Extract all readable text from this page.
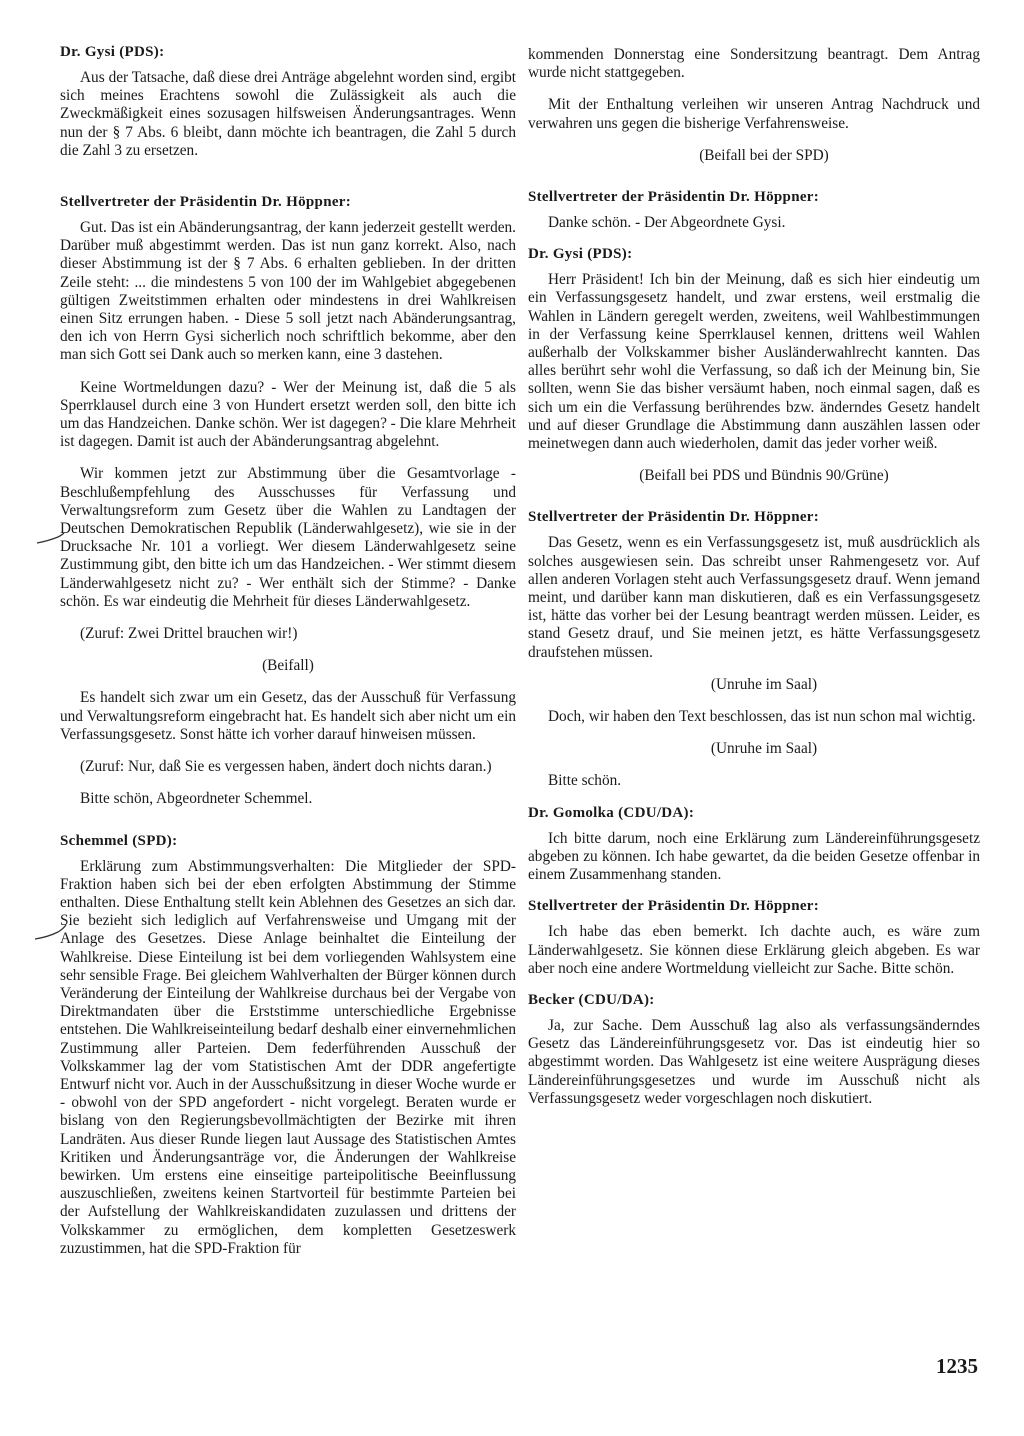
Dr. Gysi (PDS):

Aus der Tatsache, daß diese drei Anträge abgelehnt worden sind, ergibt sich meines Erachtens sowohl die Zulässigkeit als auch die Zweckmäßigkeit eines sozusagen hilfsweisen Änderungsantrages. Wenn nun der § 7 Abs. 6 bleibt, dann möchte ich beantragen, die Zahl 5 durch die Zahl 3 zu ersetzen.

Stellvertreter der Präsidentin Dr. Höppner:

Gut. Das ist ein Abänderungsantrag, der kann jederzeit gestellt werden. Darüber muß abgestimmt werden. Das ist nun ganz korrekt. Also, nach dieser Abstimmung ist der § 7 Abs. 6 erhalten geblieben. In der dritten Zeile steht: ... die mindestens 5 von 100 der im Wahlgebiet abgegebenen gültigen Zweitstimmen erhalten oder mindestens in drei Wahlkreisen einen Sitz errungen haben. - Diese 5 soll jetzt nach Abänderungsantrag, den ich von Herrn Gysi sicherlich noch schriftlich bekomme, aber den man sich Gott sei Dank auch so merken kann, eine 3 dastehen.

Keine Wortmeldungen dazu? - Wer der Meinung ist, daß die 5 als Sperrklausel durch eine 3 von Hundert ersetzt werden soll, den bitte ich um das Handzeichen. Danke schön. Wer ist dagegen? - Die klare Mehrheit ist dagegen. Damit ist auch der Abänderungsantrag abgelehnt.

Wir kommen jetzt zur Abstimmung über die Gesamtvorlage - Beschlußempfehlung des Ausschusses für Verfassung und Verwaltungsreform zum Gesetz über die Wahlen zu Landtagen der Deutschen Demokratischen Republik (Länderwahlgesetz), wie sie in der Drucksache Nr. 101 a vorliegt. Wer diesem Länderwahlgesetz seine Zustimmung gibt, den bitte ich um das Handzeichen. - Wer stimmt diesem Länderwahlgesetz nicht zu? - Wer enthält sich der Stimme? - Danke schön. Es war eindeutig die Mehrheit für dieses Länderwahlgesetz.

(Zuruf: Zwei Drittel brauchen wir!)

(Beifall)

Es handelt sich zwar um ein Gesetz, das der Ausschuß für Verfassung und Verwaltungsreform eingebracht hat. Es handelt sich aber nicht um ein Verfassungsgesetz. Sonst hätte ich vorher darauf hinweisen müssen.

(Zuruf: Nur, daß Sie es vergessen haben, ändert doch nichts daran.)

Bitte schön, Abgeordneter Schemmel.

Schemmel (SPD):

Erklärung zum Abstimmungsverhalten: Die Mitglieder der SPD-Fraktion haben sich bei der eben erfolgten Abstimmung der Stimme enthalten. Diese Enthaltung stellt kein Ablehnen des Gesetzes an sich dar. Sie bezieht sich lediglich auf Verfahrensweise und Umgang mit der Anlage des Gesetzes. Diese Anlage beinhaltet die Einteilung der Wahlkreise. Diese Einteilung ist bei dem vorliegenden Wahlsystem eine sehr sensible Frage. Bei gleichem Wahlverhalten der Bürger können durch Veränderung der Einteilung der Wahlkreise durchaus bei der Vergabe von Direktmandaten über die Erststimme unterschiedliche Ergebnisse entstehen. Die Wahlkreiseinteilung bedarf deshalb einer einvernehmlichen Zustimmung aller Parteien. Dem federführenden Ausschuß der Volkskammer lag der vom Statistischen Amt der DDR angefertigte Entwurf nicht vor. Auch in der Ausschußsitzung in dieser Woche wurde er - obwohl von der SPD angefordert - nicht vorgelegt. Beraten wurde er bislang von den Regierungsbevollmächtigten der Bezirke mit ihren Landräten. Aus dieser Runde liegen laut Aussage des Statistischen Amtes Kritiken und Änderungsanträge vor, die Änderungen der Wahlkreise bewirken. Um erstens eine einseitige parteipolitische Beeinflussung auszuschließen, zweitens keinen Startvorteil für bestimmte Parteien bei der Aufstellung der Wahlkreiskandidaten zuzulassen und drittens der Volkskammer zu ermöglichen, dem kompletten Gesetzeswerk zuzustimmen, hat die SPD-Fraktion für

kommenden Donnerstag eine Sondersitzung beantragt. Dem Antrag wurde nicht stattgegeben.

Mit der Enthaltung verleihen wir unseren Antrag Nachdruck und verwahren uns gegen die bisherige Verfahrensweise.

(Beifall bei der SPD)
Stellvertreter der Präsidentin Dr. Höppner:

Danke schön. - Der Abgeordnete Gysi.

Dr. Gysi (PDS):

Herr Präsident! Ich bin der Meinung, daß es sich hier eindeutig um ein Verfassungsgesetz handelt, und zwar erstens, weil erstmalig die Wahlen in Ländern geregelt werden, zweitens, weil Wahlbestimmungen in der Verfassung keine Sperrklausel kennen, drittens weil Wahlen außerhalb der Volkskammer bisher Ausländerwahlrecht kannten. Das alles berührt sehr wohl die Verfassung, so daß ich der Meinung bin, Sie sollten, wenn Sie das bisher versäumt haben, noch einmal sagen, daß es sich um ein die Verfassung berührendes bzw. änderndes Gesetz handelt und auf dieser Grundlage die Abstimmung dann auszählen lassen oder meinetwegen dann auch wiederholen, damit das jeder vorher weiß.

(Beifall bei PDS und Bündnis 90/Grüne)
Stellvertreter der Präsidentin Dr. Höppner:

Das Gesetz, wenn es ein Verfassungsgesetz ist, muß ausdrücklich als solches ausgewiesen sein. Das schreibt unser Rahmengesetz vor. Auf allen anderen Vorlagen steht auch Verfassungsgesetz drauf. Wenn jemand meint, und darüber kann man diskutieren, daß es ein Verfassungsgesetz ist, hätte das vorher bei der Lesung beantragt werden müssen. Leider, es stand Gesetz drauf, und Sie meinen jetzt, es hätte Verfassungsgesetz draufstehen müssen.

(Unruhe im Saal)

Doch, wir haben den Text beschlossen, das ist nun schon mal wichtig.

(Unruhe im Saal)

Bitte schön.

Dr. Gomolka (CDU/DA):

Ich bitte darum, noch eine Erklärung zum Ländereinführungsgesetz abgeben zu können. Ich habe gewartet, da die beiden Gesetze offenbar in einem Zusammenhang standen.

Stellvertreter der Präsidentin Dr. Höppner:

Ich habe das eben bemerkt. Ich dachte auch, es wäre zum Länderwahlgesetz. Sie können diese Erklärung gleich abgeben. Es war aber noch eine andere Wortmeldung vielleicht zur Sache. Bitte schön.

Becker (CDU/DA):

Ja, zur Sache. Dem Ausschuß lag also als verfassungsänderndes Gesetz das Ländereinführungsgesetz vor. Das ist eindeutig hier so abgestimmt worden. Das Wahlgesetz ist eine weitere Ausprägung dieses Ländereinführungsgesetzes und wurde im Ausschuß nicht als Verfassungsgesetz weder vorgeschlagen noch diskutiert.

1235
